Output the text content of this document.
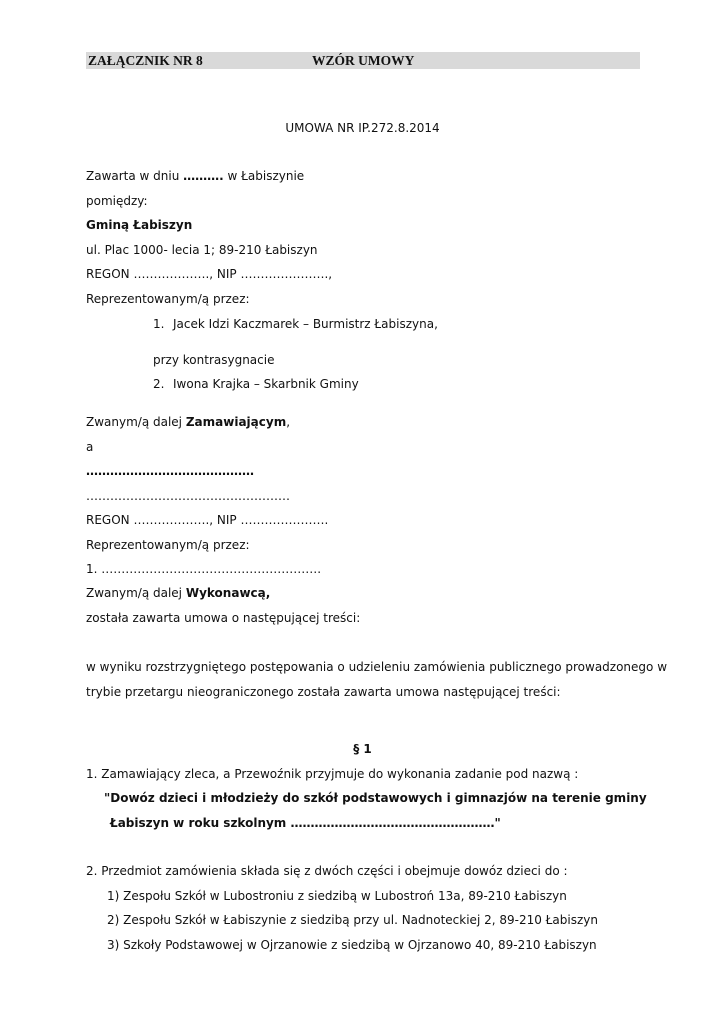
ZAŁĄCZNIK NR 8	WZÓR UMOWY
UMOWA NR IP.272.8.2014
Zawarta w dniu ………. w Łabiszynie
pomiędzy:
Gminą Łabiszyn
ul. Plac 1000- lecia 1; 89-210 Łabiszyn
REGON ………………., NIP ………………….,
Reprezentowanym/ą przez:
1. Jacek Idzi Kaczmarek – Burmistrz Łabiszyna,
przy kontrasygnacie
2. Iwona Krajka – Skarbnik Gminy
Zwanym/ą dalej Zamawiającym,
a
……………………………………
……………………………………………
REGON ………………., NIP ………………….
Reprezentowanym/ą przez:
1. ……………………………………………….
Zwanym/ą dalej Wykonawcą,
została zawarta umowa o następującej treści:
w wyniku rozstrzygniętego postępowania o udzieleniu zamówienia publicznego prowadzonego w
trybie przetargu nieograniczonego została zawarta umowa następującej treści:
§ 1
1. Zamawiający zleca, a Przewoźnik przyjmuje do wykonania zadanie pod nazwą :
"Dowóz dzieci i młodzieży do szkół podstawowych i gimnazjów na terenie gminy
Łabiszyn w roku szkolnym ……………………………………………"
2. Przedmiot zamówienia składa się z dwóch części i obejmuje dowóz dzieci do :
1) Zespołu Szkół w Lubostroniu z siedzibą w Lubostroń 13a, 89-210 Łabiszyn
2) Zespołu Szkół w Łabiszynie z siedzibą przy ul. Nadnoteckiej 2, 89-210 Łabiszyn
3) Szkoły Podstawowej w Ojrzanowie z siedzibą w Ojrzanowo 40, 89-210 Łabiszyn
